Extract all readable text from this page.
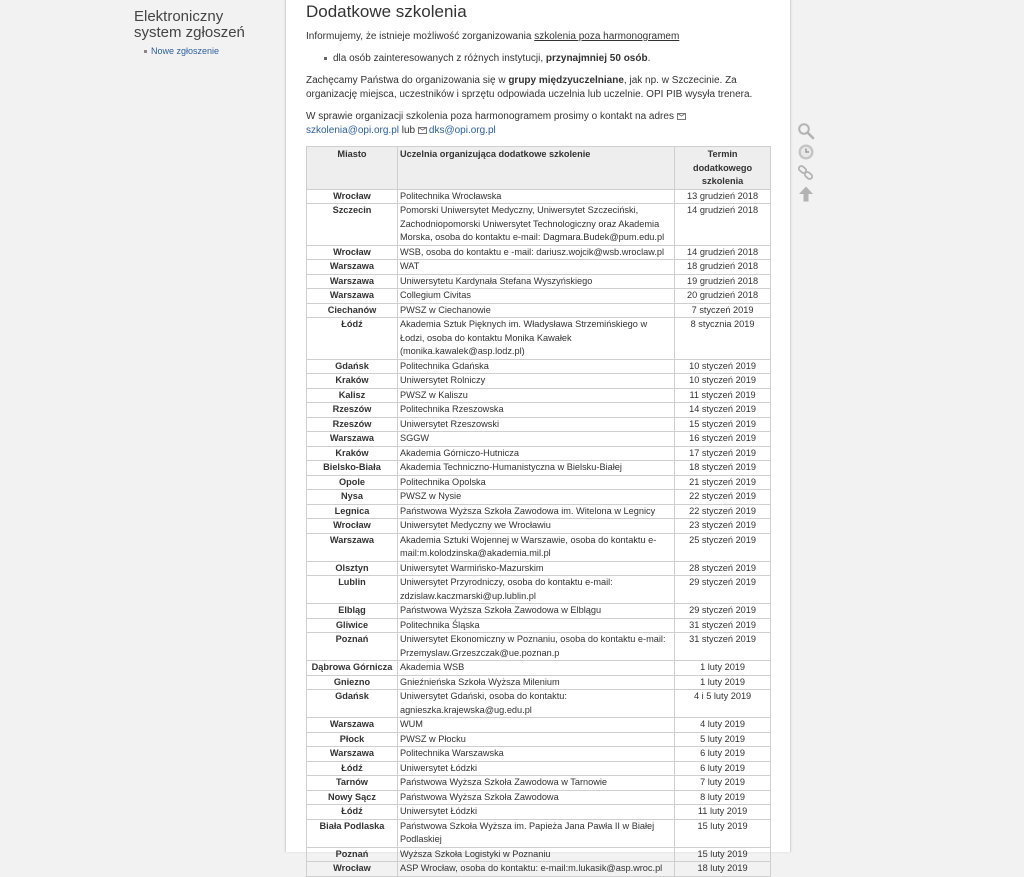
Elektroniczny system zgłoszeń
Nowe zgłoszenie
Dodatkowe szkolenia

Informujemy, że istnieje możliwość zorganizowania szkolenia poza harmonogramem

dla osób zainteresowanych z różnych instytucji, przynajmniej 50 osób.

Zachęcamy Państwa do organizowania się w grupy międzyuczelniane, jak np. w Szczecinie. Za organizację miejsca, uczestników i sprzętu odpowiada uczelnia lub uczelnie. OPI PIB wysyła trenera.

W sprawie organizacji szkolenia poza harmonogramem prosimy o kontakt na adres szkolenia@opi.org.pl lub dks@opi.org.pl

Miasto	Uczelnia organizująca dodatkowe szkolenie	Termin dodatkowego szkolenia
Wrocław	Politechnika Wrocławska	13 grudzień 2018
Szczecin	Pomorski Uniwersytet Medyczny, Uniwersytet Szczeciński, Zachodniopomorski Uniwersytet Technologiczny oraz Akademia Morska, osoba do kontaktu e-mail: Dagmara.Budek@pum.edu.pl	14 grudzień 2018
Wrocław	WSB, osoba do kontaktu e -mail: dariusz.wojcik@wsb.wroclaw.pl	14 grudzień 2018
Warszawa	WAT	18 grudzień 2018
Warszawa	Uniwersytetu Kardynała Stefana Wyszyńskiego	19 grudzień 2018
Warszawa	Collegium Civitas	20 grudzień 2018
Ciechanów	PWSZ w Ciechanowie	7 styczeń 2019
Łódź	Akademia Sztuk Pięknych im. Władysława Strzemińskiego w Łodzi, osoba do kontaktu Monika Kawałek (monika.kawalek@asp.lodz.pl)	8 stycznia 2019
Gdańsk	Politechnika Gdańska	10 styczeń 2019
Kraków	Uniwersytet Rolniczy	10 styczeń 2019
Kalisz	PWSZ w Kaliszu	11 styczeń 2019
Rzeszów	Politechnika Rzeszowska	14 styczeń 2019
Rzeszów	Uniwersytet Rzeszowski	15 styczeń 2019
Warszawa	SGGW	16 styczeń 2019
Kraków	Akademia Górniczo-Hutnicza	17 styczeń 2019
Bielsko-Biała	Akademia Techniczno-Humanistyczna w Bielsku-Białej	18 styczeń 2019
Opole	Politechnika Opolska	21 styczeń 2019
Nysa	PWSZ w Nysie	22 styczeń 2019
Legnica	Państwowa Wyższa Szkoła Zawodowa im. Witelona w Legnicy	22 styczeń 2019
Wrocław	Uniwersytet Medyczny we Wrocławiu	23 styczeń 2019
Warszawa	Akademia Sztuki Wojennej w Warszawie, osoba do kontaktu e-mail:m.kolodzinska@akademia.mil.pl	25 styczeń 2019
Olsztyn	Uniwersytet Warmińsko-Mazurskim	28 styczeń 2019
Lublin	Uniwersytet Przyrodniczy, osoba do kontaktu e-mail: zdzislaw.kaczmarski@up.lublin.pl	29 styczeń 2019
Elbląg	Państwowa Wyższa Szkoła Zawodowa w Elblągu	29 styczeń 2019
Gliwice	Politechnika Śląska	31 styczeń 2019
Poznań	Uniwersytet Ekonomiczny w Poznaniu, osoba do kontaktu e-mail: Przemyslaw.Grzeszczak@ue.poznan.p	31 styczeń 2019
Dąbrowa Górnicza	Akademia WSB	1 luty 2019
Gniezno	Gnieźnieńska Szkoła Wyższa Milenium	1 luty 2019
Gdańsk	Uniwersytet Gdański, osoba do kontaktu: agnieszka.krajewska@ug.edu.pl	4 i 5 luty 2019
Warszawa	WUM	4 luty 2019
Płock	PWSZ w Płocku	5 luty 2019
Warszawa	Politechnika Warszawska	6 luty 2019
Łódź	Uniwersytet Łódzki	6 luty 2019
Tarnów	Państwowa Wyższa Szkoła Zawodowa w Tarnowie	7 luty 2019
Nowy Sącz	Państwowa Wyższa Szkoła Zawodowa	8 luty 2019
Łódź	Uniwersytet Łódzki	11 luty 2019
Biała Podlaska	Państwowa Szkoła Wyższa im. Papieża Jana Pawła II w Białej Podlaskiej	15 luty 2019
Poznań	Wyższa Szkoła Logistyki w Poznaniu	15 luty 2019
Wrocław	ASP Wrocław, osoba do kontaktu: e-mail:m.lukasik@asp.wroc.pl	18 luty 2019
